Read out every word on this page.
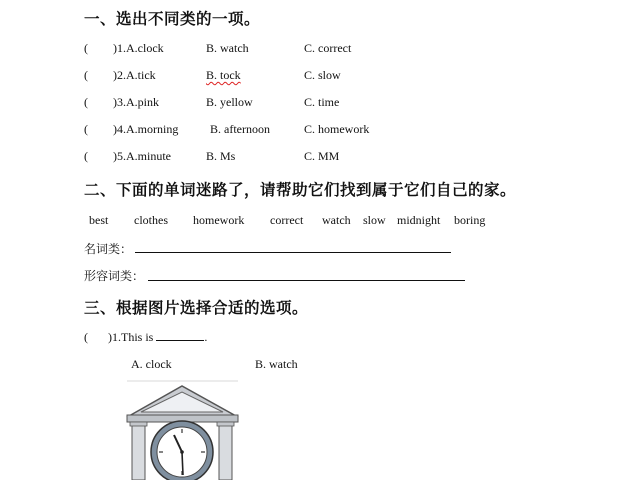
一、选出不同类的一项。
( )1.A.clock	B. watch	C. correct
( )2.A.tick	B. tock	C. slow
( )3.A.pink	B. yellow	C. time
( )4.A.morning	B. afternoon	C. homework
( )5.A.minute	B. Ms	C. MM
二、下面的单词迷路了，请帮助它们找到属于它们自己的家。
best clothes homework correct watch slow midnight boring
名词类：
形容词类：
三、根据图片选择合适的选项。
( )1.This is	.
A. clock	B. watch
